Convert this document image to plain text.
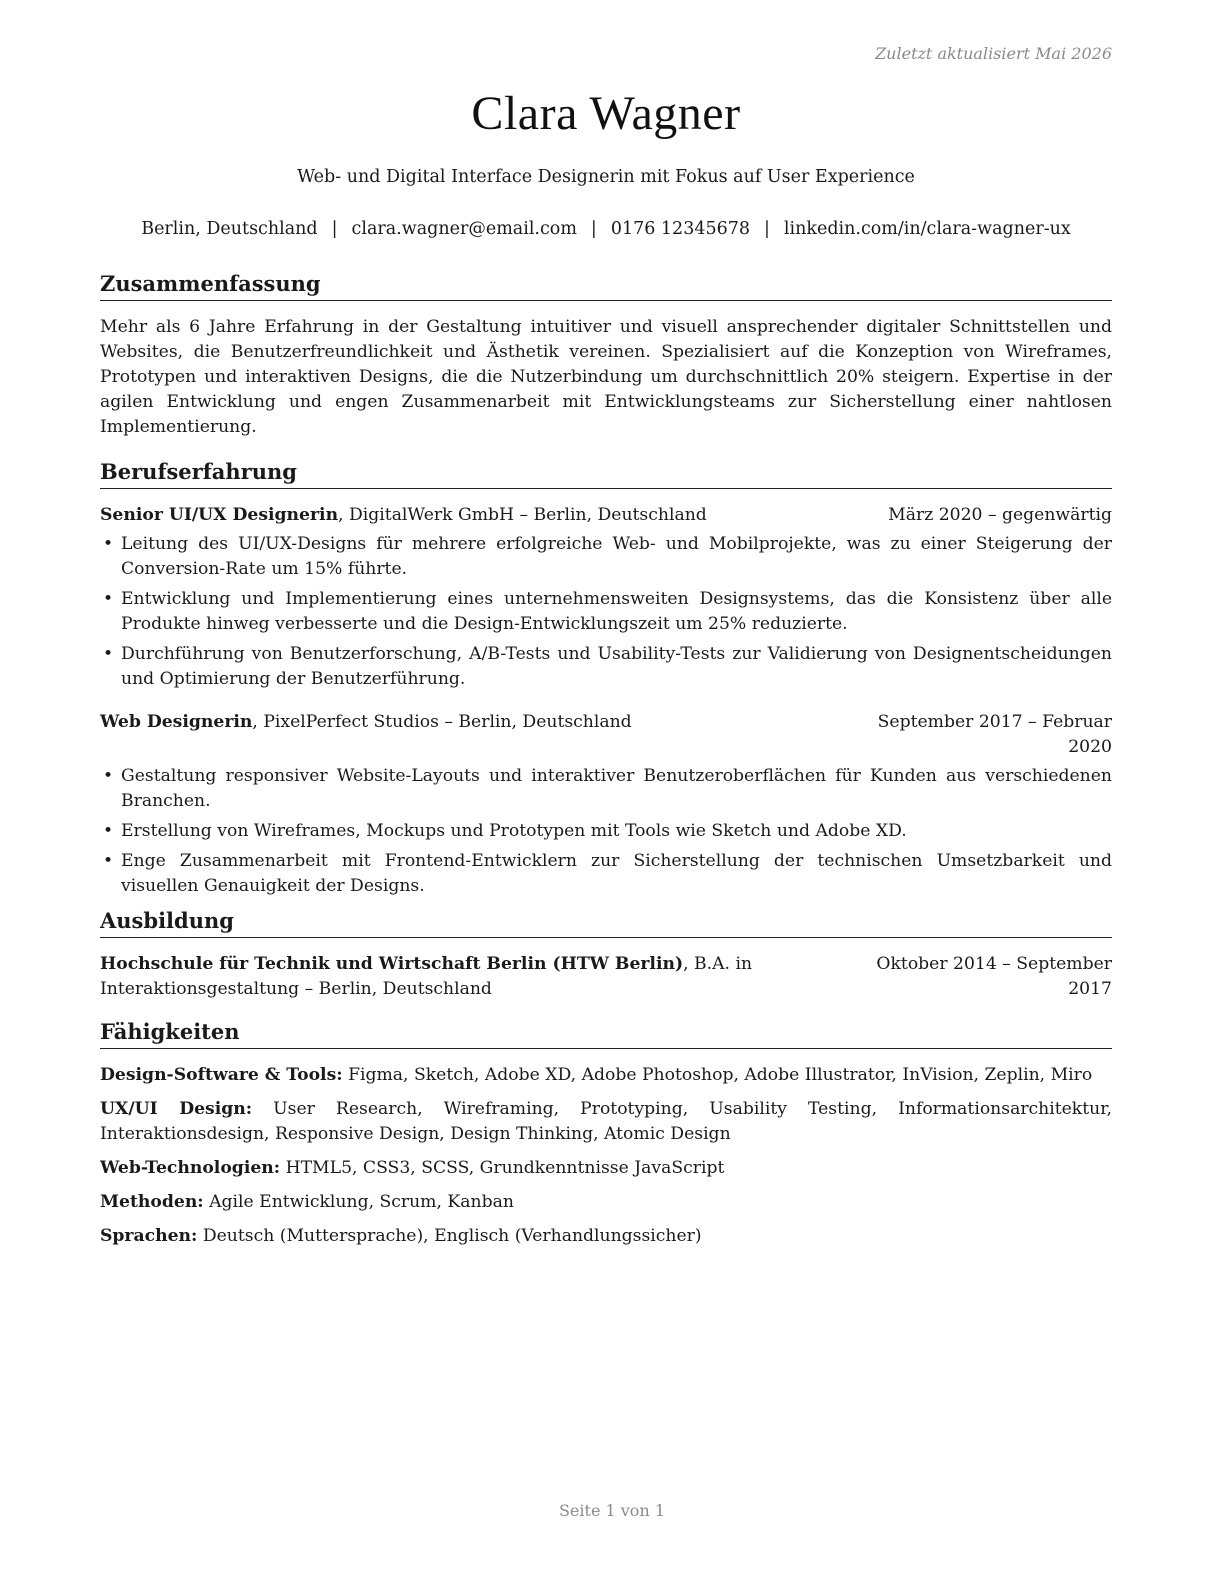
Zuletzt aktualisiert Mai 2026
Clara Wagner
Web- und Digital Interface Designerin mit Fokus auf User Experience
Berlin, Deutschland | clara.wagner@email.com | 0176 12345678 | linkedin.com/in/clara-wagner-ux
Zusammenfassung
Mehr als 6 Jahre Erfahrung in der Gestaltung intuitiver und visuell ansprechender digitaler Schnittstellen und Websites, die Benutzerfreundlichkeit und Ästhetik vereinen. Spezialisiert auf die Konzeption von Wireframes, Prototypen und interaktiven Designs, die die Nutzerbindung um durchschnittlich 20% steigern. Expertise in der agilen Entwicklung und engen Zusammenarbeit mit Entwicklungsteams zur Sicherstellung einer nahtlosen Implementierung.
Berufserfahrung
Senior UI/UX Designerin, DigitalWerk GmbH – Berlin, Deutschland	März 2020 – gegenwärtig
• Leitung des UI/UX-Designs für mehrere erfolgreiche Web- und Mobilprojekte, was zu einer Steigerung der Conversion-Rate um 15% führte.
• Entwicklung und Implementierung eines unternehmensweiten Designsystems, das die Konsistenz über alle Produkte hinweg verbesserte und die Design-Entwicklungszeit um 25% reduzierte.
• Durchführung von Benutzerforschung, A/B-Tests und Usability-Tests zur Validierung von Designentscheidungen und Optimierung der Benutzerführung.
Web Designerin, PixelPerfect Studios – Berlin, Deutschland	September 2017 – Februar 2020
• Gestaltung responsiver Website-Layouts und interaktiver Benutzeroberflächen für Kunden aus verschiedenen Branchen.
• Erstellung von Wireframes, Mockups und Prototypen mit Tools wie Sketch und Adobe XD.
• Enge Zusammenarbeit mit Frontend-Entwicklern zur Sicherstellung der technischen Umsetzbarkeit und visuellen Genauigkeit der Designs.
Ausbildung
Hochschule für Technik und Wirtschaft Berlin (HTW Berlin), B.A. in Interaktionsgestaltung – Berlin, Deutschland
Oktober 2014 – September 2017
Fähigkeiten
Design-Software & Tools: Figma, Sketch, Adobe XD, Adobe Photoshop, Adobe Illustrator, InVision, Zeplin, Miro
UX/UI Design: User Research, Wireframing, Prototyping, Usability Testing, Informationsarchitektur, Interaktionsdesign, Responsive Design, Design Thinking, Atomic Design
Web-Technologien: HTML5, CSS3, SCSS, Grundkenntnisse JavaScript
Methoden: Agile Entwicklung, Scrum, Kanban
Sprachen: Deutsch (Muttersprache), Englisch (Verhandlungssicher)
Seite 1 von 1
